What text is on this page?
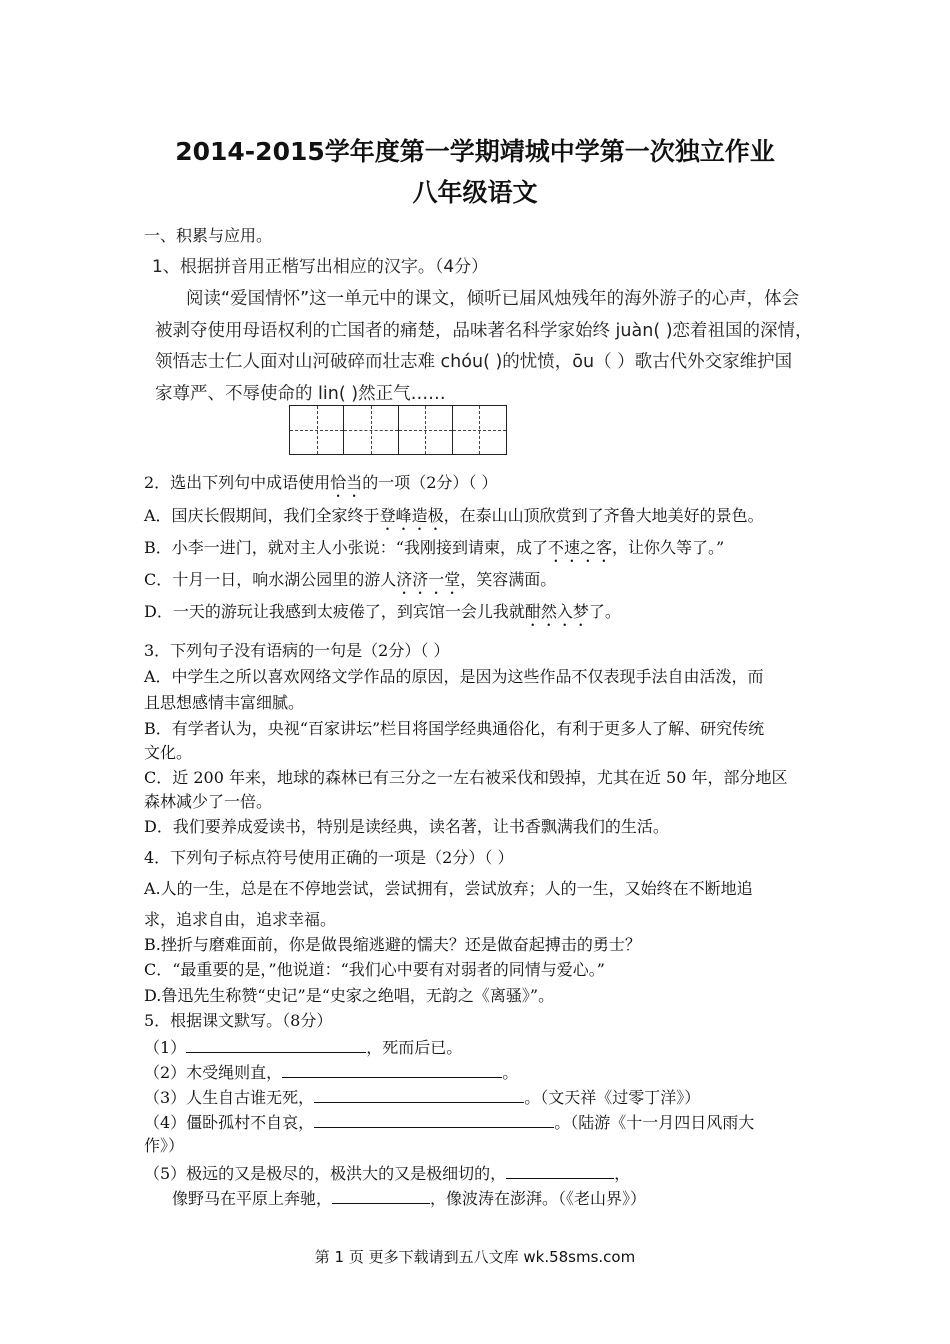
2014-2015学年度第一学期靖城中学第一次独立作业
八年级语文
一、积累与应用。
1、根据拼音用正楷写出相应的汉字。（4分）
阅读“爱国情怀”这一单元中的课文，倾听已届风烛残年的海外游子的心声，体会
被剥夺使用母语权利的亡国者的痛楚，品味著名科学家始终 juàn( )恋着祖国的深情，
领悟志士仁人面对山河破碎而壮志难 chóu( )的忧愤，ōu（ ）歌古代外交家维护国
家尊严、不辱使命的 lin( )然正气……
2．选出下列句中成语使用恰当的一项（2分）（ ）
A．国庆长假期间，我们全家终于登峰造极，在泰山山顶欣赏到了齐鲁大地美好的景色。
B．小李一进门，就对主人小张说：“我刚接到请柬，成了不速之客，让你久等了。”
C．十月一日，响水湖公园里的游人济济一堂，笑容满面。
D．一天的游玩让我感到太疲倦了，到宾馆一会儿我就酣然入梦了。
3．下列句子没有语病的一句是（2分）（ ）
A．中学生之所以喜欢网络文学作品的原因，是因为这些作品不仅表现手法自由活泼，而
且思想感情丰富细腻。
B．有学者认为，央视“百家讲坛”栏目将国学经典通俗化，有利于更多人了解、研究传统
文化。
C．近 200 年来，地球的森林已有三分之一左右被采伐和毁掉，尤其在近 50 年，部分地区
森林减少了一倍。
D．我们要养成爱读书，特别是读经典，读名著，让书香飘满我们的生活。
4．下列句子标点符号使用正确的一项是（2分）（ ）
A.人的一生，总是在不停地尝试，尝试拥有，尝试放弃；人的一生，又始终在不断地追
求，追求自由，追求幸福。
B.挫折与磨难面前，你是做畏缩逃避的懦夫？还是做奋起搏击的勇士？
C．“最重要的是，”他说道：“我们心中要有对弱者的同情与爱心。”
D.鲁迅先生称赞“史记”是“史家之绝唱，无韵之《离骚》”。
5．根据课文默写。（8分）
（1）	，死而后已。
（2）木受绳则直，	。
（3）人生自古谁无死，	。（文天祥《过零丁洋》）
（4）僵卧孤村不自哀，	。（陆游《十一月四日风雨大
作》）
（5）极远的又是极尽的，极洪大的又是极细切的，	，
像野马在平原上奔驰，	，像波涛在澎湃。（《老山界》）
第 1 页 更多下载请到五八文库 wk.58sms.com
